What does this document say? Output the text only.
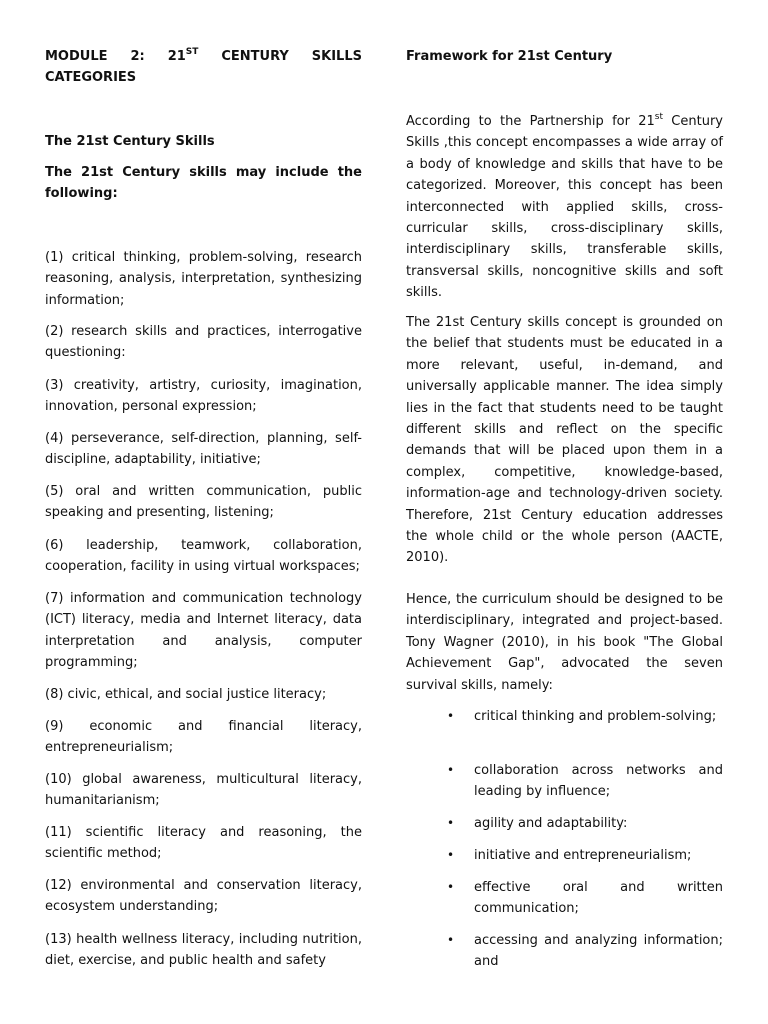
MODULE 2: 21ST CENTURY SKILLS
CATEGORIES
The 21st Century Skills
The 21st Century skills may include the following:
(1) critical thinking, problem-solving, research reasoning, analysis, interpretation, synthesizing information;
(2) research skills and practices, interrogative questioning:
(3) creativity, artistry, curiosity, imagination, innovation, personal expression;
(4) perseverance, self-direction, planning, self-discipline, adaptability, initiative;
(5) oral and written communication, public speaking and presenting, listening;
(6) leadership, teamwork, collaboration, cooperation, facility in using virtual workspaces;
(7) information and communication technology (ICT) literacy, media and Internet literacy, data interpretation and analysis, computer programming;
(8) civic, ethical, and social justice literacy;
(9) economic and financial literacy, entrepreneurialism;
(10) global awareness, multicultural literacy, humanitarianism;
(11) scientific literacy and reasoning, the scientific method;
(12) environmental and conservation literacy, ecosystem understanding;
(13) health wellness literacy, including nutrition, diet, exercise, and public health and safety
Framework for 21st Century
According to the Partnership for 21st Century Skills ,this concept encompasses a wide array of a body of knowledge and skills that have to be categorized. Moreover, this concept has been interconnected with applied skills, cross-curricular skills, cross-disciplinary skills, interdisciplinary skills, transferable skills, transversal skills, noncognitive skills and soft skills.
The 21st Century skills concept is grounded on the belief that students must be educated in a more relevant, useful, in-demand, and universally applicable manner. The idea simply lies in the fact that students need to be taught different skills and reflect on the specific demands that will be placed upon them in a complex, competitive, knowledge-based, information-age and technology-driven society. Therefore, 21st Century education addresses the whole child or the whole person (AACTE, 2010).
Hence, the curriculum should be designed to be interdisciplinary, integrated and project-based. Tony Wagner (2010), in his book "The Global Achievement Gap", advocated the seven survival skills, namely:
• critical thinking and problem-solving;
• collaboration across networks and leading by influence;
• agility and adaptability:
• initiative and entrepreneurialism;
• effective oral and written communication;
• accessing and analyzing information; and
